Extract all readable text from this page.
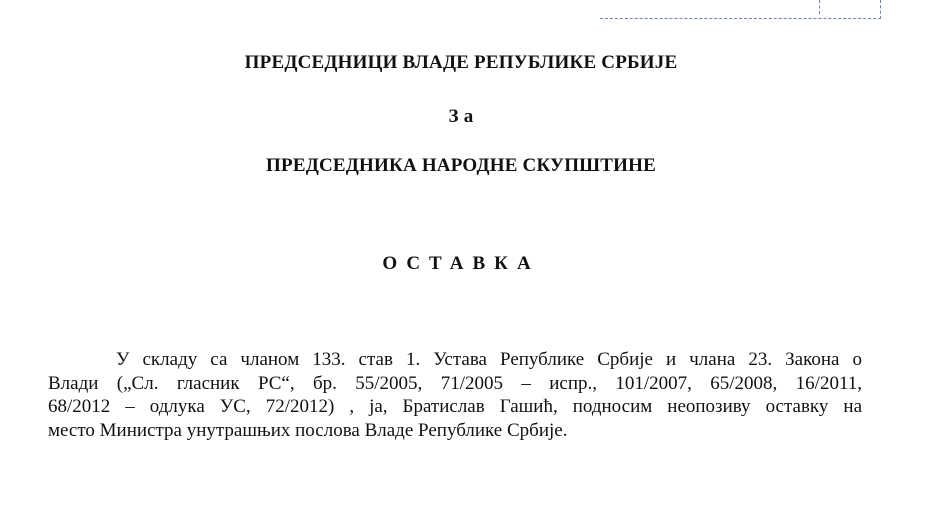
ПРЕДСЕДНИЦИ ВЛАДЕ РЕПУБЛИКЕ СРБИЈЕ
З а
ПРЕДСЕДНИКА НАРОДНЕ СКУПШТИНЕ
ОСТАВКА
У складу са чланом 133. став 1. Устава Републике Србије и члана 23. Закона о
Влади („Сл. гласник РС“, бр. 55/2005, 71/2005 – испр., 101/2007, 65/2008, 16/2011,
68/2012 – одлука УС, 72/2012) , ја, Братислав Гашић, подносим неопозиву оставку на
место Министра унутрашњих послова Владе Републике Србије.
